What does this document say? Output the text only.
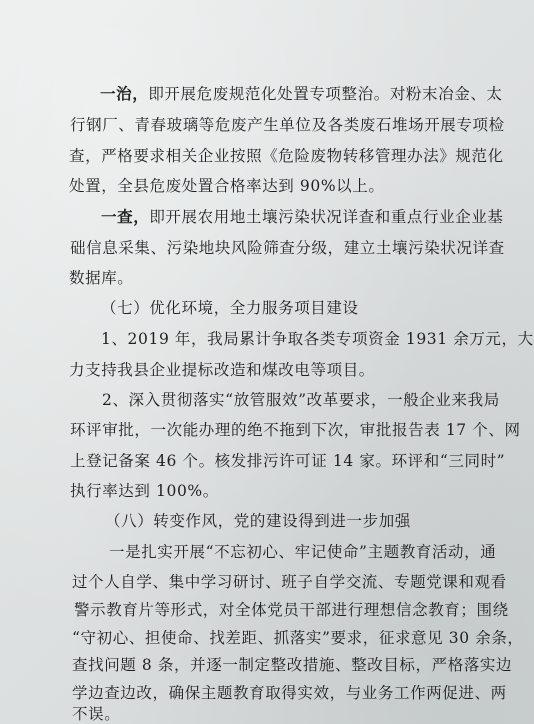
一治，即开展危废规范化处置专项整治。对粉末冶金、太
行钢厂、青春玻璃等危废产生单位及各类废石堆场开展专项检
查，严格要求相关企业按照《危险废物转移管理办法》规范化
处置，全县危废处置合格率达到 90%以上。
一查，即开展农用地土壤污染状况详查和重点行业企业基
础信息采集、污染地块风险筛查分级，建立土壤污染状况详查
数据库。
（七）优化环境，全力服务项目建设
1、2019 年，我局累计争取各类专项资金 1931 余万元，大
力支持我县企业提标改造和煤改电等项目。
2、深入贯彻落实“放管服效”改革要求，一般企业来我局
环评审批，一次能办理的绝不拖到下次，审批报告表 17 个、网
上登记备案 46 个。核发排污许可证 14 家。环评和“三同时”
执行率达到 100%。
（八）转变作风，党的建设得到进一步加强
一是扎实开展“不忘初心、牢记使命”主题教育活动，通
过个人自学、集中学习研讨、班子自学交流、专题党课和观看
警示教育片等形式，对全体党员干部进行理想信念教育；围绕
“守初心、担使命、找差距、抓落实”要求，征求意见 30 余条，
查找问题 8 条，并逐一制定整改措施、整改目标，严格落实边
学边查边改，确保主题教育取得实效，与业务工作两促进、两
不误。
